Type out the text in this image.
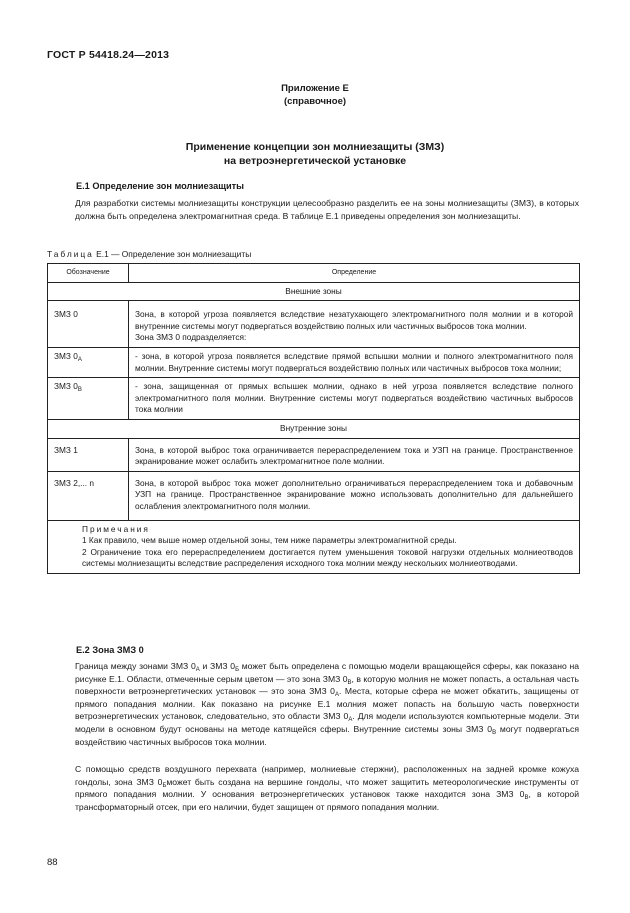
ГОСТ Р 54418.24—2013
Приложение Е
(справочное)
Применение концепции зон молниезащиты (ЗМЗ)
на ветроэнергетической установке
Е.1 Определение зон молниезащиты
Для разработки системы молниезащиты конструкции целесообразно разделить ее на зоны молниезащиты (ЗМЗ), в которых должна быть определена электромагнитная среда. В таблице Е.1 приведены определения зон молниезащиты.
Таблица Е.1 — Определение зон молниезащиты
Обозначение	Определение
Внешние зоны	
ЗМЗ 0	Зона, в которой угроза появляется вследствие незатухающего электромагнитного поля молнии и в которой внутренние системы могут подвергаться воздействию полных или частичных выбросов тока молнии.
Зона ЗМЗ 0 подразделяется:

ЗМЗ $0_А$	- зона, в которой угроза появляется вследствие прямой вспышки молнии и полного электромагнитного поля молнии. Внутренние системы могут подвергаться воздействию полных или частичных выбросов тока молнии;
ЗМЗ $0_В$	- зона, защищенная от прямых вспышек молнии, однако в ней угроза появляется вследствие полного электромагнитного поля молнии. Внутренние системы могут подвергаться воздействию частичных выбросов тока молнии
Внутренние зоны	
ЗМЗ 1	Зона, в которой выброс тока ограничивается перераспределением тока и УЗП на границе. Пространственное экранирование может ослабить электромагнитное поле молнии.
ЗМЗ 2,... n	Зона, в которой выброс тока может дополнительно ограничиваться перераспределением тока и добавочным УЗП на границе. Пространственное экранирование можно использовать дополнительно для дальнейшего ослабления электромагнитного поля молнии.

Примечания
1 Как правило, чем выше номер отдельной зоны, тем ниже параметры электромагнитной среды.
2 Ограничение тока его перераспределением достигается путем уменьшения токовой нагрузки отдельных молниеотводов системы молниезащиты вследствие распределения исходного тока молнии между нескольких молниеотводами.	
Е.2 Зона ЗМЗ 0
Граница между зонами ЗМЗ $0_А$ и ЗМЗ $0_Б$ может быть определена с помощью модели вращающейся сферы, как показано на рисунке Е.1. Области, отмеченные серым цветом — это зона ЗМЗ $0_В$, в которую молния не может попасть, а остальная часть поверхности ветроэнергетических установок — это зона ЗМЗ $0_А$. Места, которые сфера не может обкатить, защищены от прямого попадания молнии. Как показано на рисунке Е.1 молния может попасть на большую часть поверхности ветроэнергетических установок, следовательно, это области ЗМЗ $0_А$. Для модели используются компьютерные модели. Эти модели в основном будут основаны на методе катящейся сферы. Внутренние системы зоны ЗМЗ $0_В$ могут подвергаться воздействию частичных выбросов тока молнии.
С помощью средств воздушного перехвата (например, молниевые стержни), расположенных на задней кромке кожуха гондолы, зона ЗМЗ $0_Бможет$ быть создана на вершине гондолы, что может защитить метеорологические инструменты от прямого попадания молнии. У основания ветроэнергетических установок также находится зона ЗМЗ $0_В$, в которой трансформаторный отсек, при его наличии, будет защищен от прямого попадания молнии.
88
